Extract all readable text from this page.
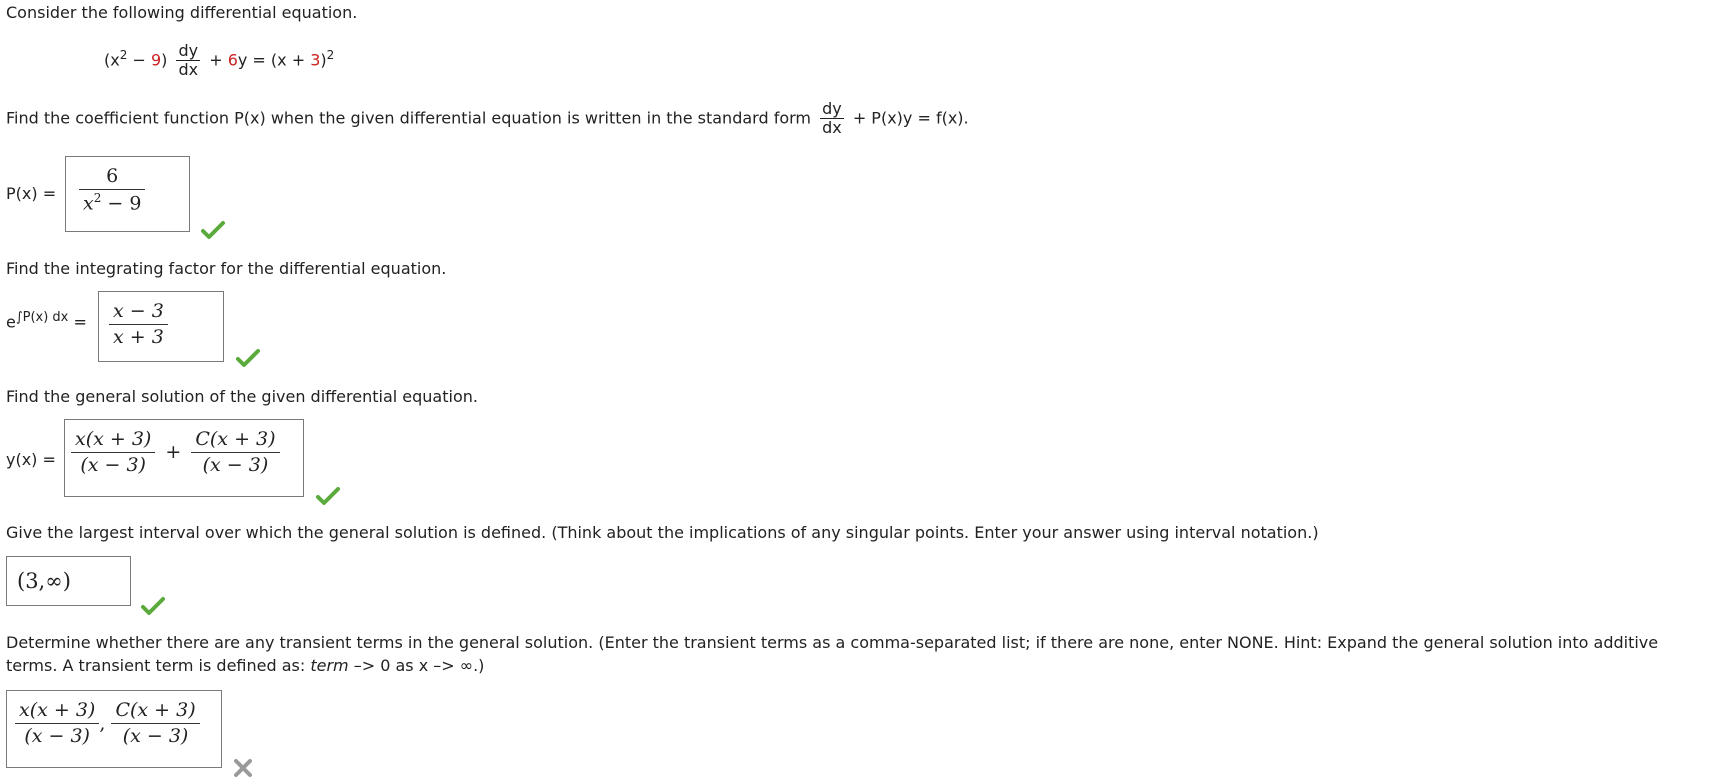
Consider the following differential equation.
$(x^2 - 9) \frac{dy}{dx} + 6y = (x + 3)^2$
Find the coefficient function P(x) when the given differential equation is written in the standard form $\frac{dy}{dx} + P(x)y = f(x)$.
$P(x) = \frac{6}{x^2 - 9}$
Find the integrating factor for the differential equation.
$e^{\int P(x) dx} = \frac{x - 3}{x + 3}$
Find the general solution of the given differential equation.
$y(x) = \frac{x(x + 3)}{(x - 3)} + \frac{C(x + 3)}{(x - 3)}$
Give the largest interval over which the general solution is defined. (Think about the implications of any singular points. Enter your answer using interval notation.)
(3,∞)
Determine whether there are any transient terms in the general solution. (Enter the transient terms as a comma-separated list; if there are none, enter NONE. Hint: Expand the general solution into additive
terms. A transient term is defined as: term –> 0 as x –> ∞.)
$\frac{x(x + 3)}{(x - 3)}$ , $\frac{C(x + 3)}{(x - 3)}$
